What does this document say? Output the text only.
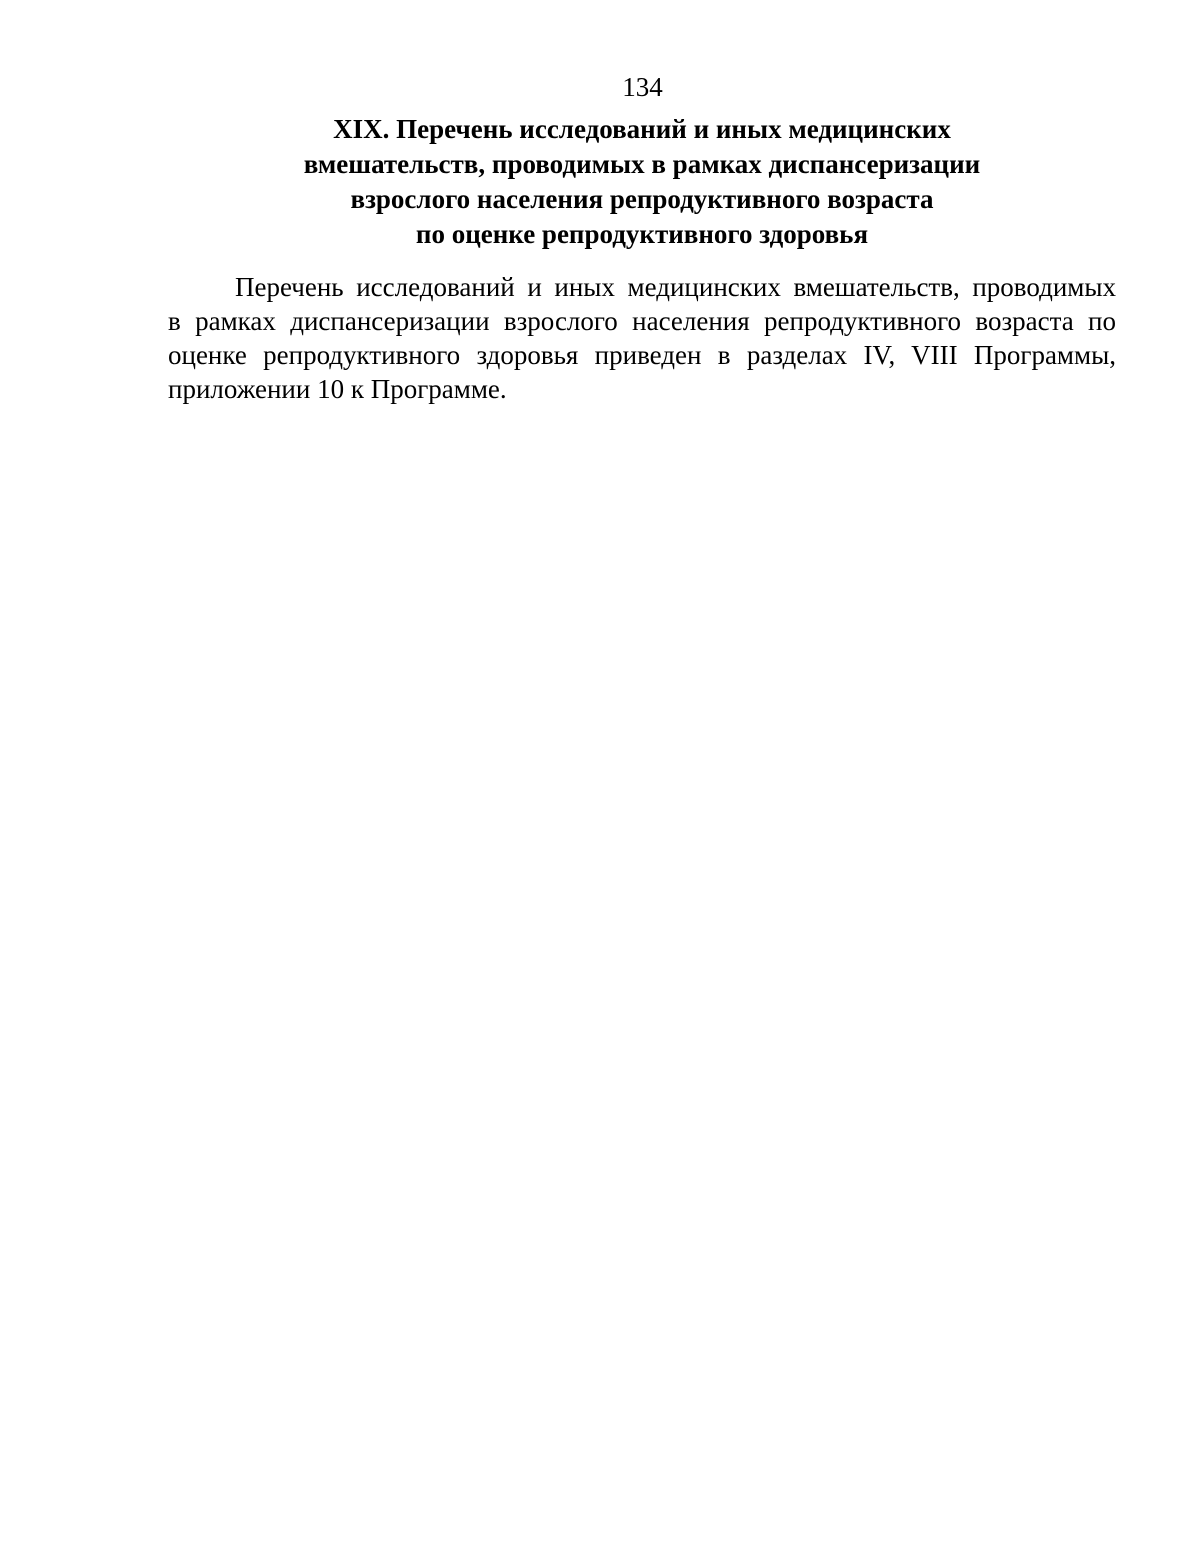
134
XIX. Перечень исследований и иных медицинских
вмешательств, проводимых в рамках диспансеризации
взрослого населения репродуктивного возраста
по оценке репродуктивного здоровья

Перечень исследований и иных медицинских вмешательств, проводимых
в рамках диспансеризации взрослого населения репродуктивного возраста по
оценке репродуктивного здоровья приведен в разделах IV, VIII Программы,
приложении 10 к Программе.
